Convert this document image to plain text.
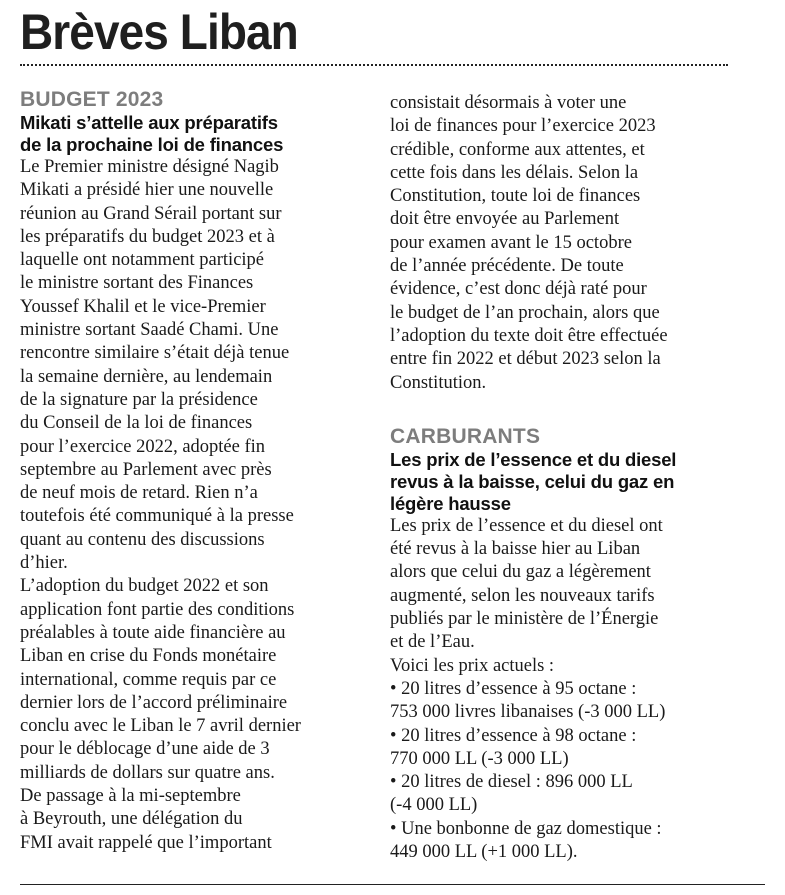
Brèves Liban
BUDGET 2023
Mikati s’attelle aux préparatifs
de la prochaine loi de finances

Le Premier ministre désigné Nagib
Mikati a présidé hier une nouvelle
réunion au Grand Sérail portant sur
les préparatifs du budget 2023 et à
laquelle ont notamment participé
le ministre sortant des Finances
Youssef Khalil et le vice-Premier
ministre sortant Saadé Chami. Une
rencontre similaire s’était déjà tenue
la semaine dernière, au lendemain
de la signature par la présidence
du Conseil de la loi de finances
pour l’exercice 2022, adoptée fin
septembre au Parlement avec près
de neuf mois de retard. Rien n’a
toutefois été communiqué à la presse
quant au contenu des discussions
d’hier.

L’adoption du budget 2022 et son
application font partie des conditions
préalables à toute aide financière au
Liban en crise du Fonds monétaire
international, comme requis par ce
dernier lors de l’accord préliminaire
conclu avec le Liban le 7 avril dernier
pour le déblocage d’une aide de 3
milliards de dollars sur quatre ans.
De passage à la mi-septembre
à Beyrouth, une délégation du
FMI avait rappelé que l’important

consistait désormais à voter une
loi de finances pour l’exercice 2023
crédible, conforme aux attentes, et
cette fois dans les délais. Selon la
Constitution, toute loi de finances
doit être envoyée au Parlement
pour examen avant le 15 octobre
de l’année précédente. De toute
évidence, c’est donc déjà raté pour
le budget de l’an prochain, alors que
l’adoption du texte doit être effectuée
entre fin 2022 et début 2023 selon la
Constitution.

CARBURANTS
Les prix de l’essence et du diesel
revus à la baisse, celui du gaz en
légère hausse

Les prix de l’essence et du diesel ont
été revus à la baisse hier au Liban
alors que celui du gaz a légèrement
augmenté, selon les nouveaux tarifs
publiés par le ministère de l’Énergie
et de l’Eau.

Voici les prix actuels :

• 20 litres d’essence à 95 octane :
753 000 livres libanaises (-3 000 LL)
• 20 litres d’essence à 98 octane :
770 000 LL (-3 000 LL)
• 20 litres de diesel : 896 000 LL
(-4 000 LL)
• Une bonbonne de gaz domestique :
449 000 LL (+1 000 LL).
